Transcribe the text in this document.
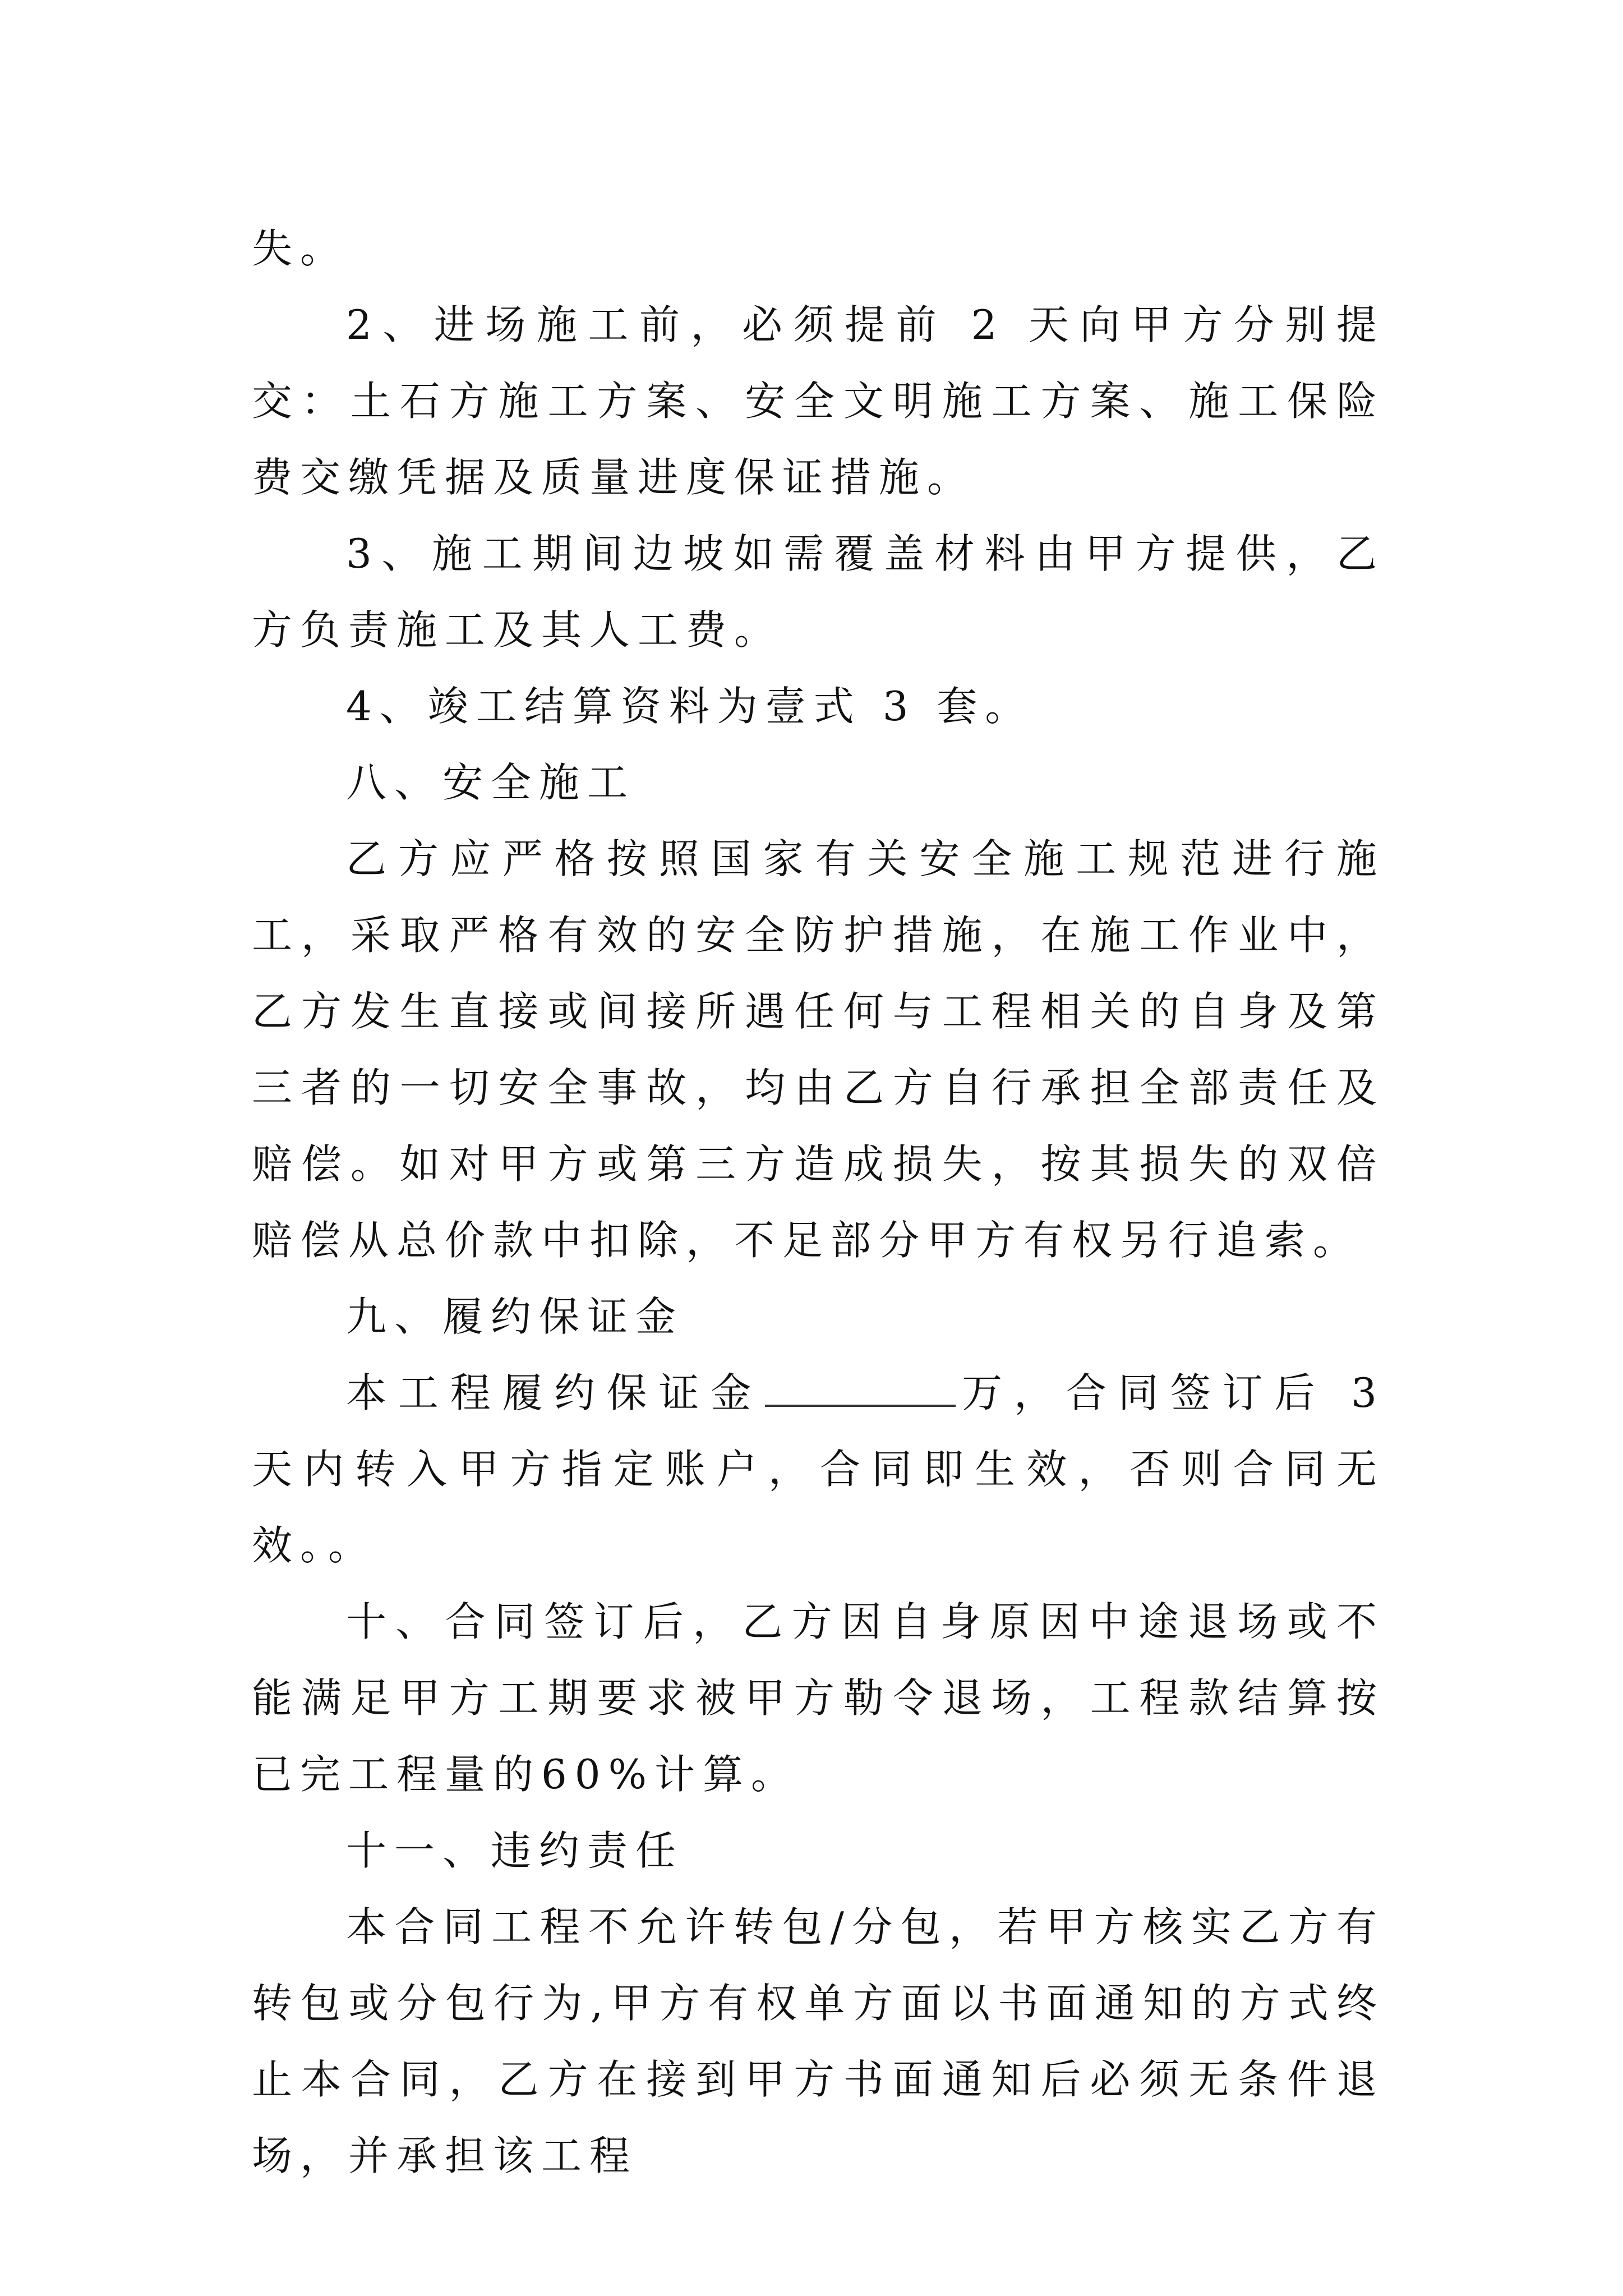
失。

2、进场施工前，必须提前 2 天向甲方分别提交：土石方施工方案、安全文明施工方案、施工保险费交缴凭据及质量进度保证措施。

3、施工期间边坡如需覆盖材料由甲方提供，乙方负责施工及其人工费。

4、竣工结算资料为壹式 3 套。

八、安全施工

乙方应严格按照国家有关安全施工规范进行施工，采取严格有效的安全防护措施，在施工作业中，乙方发生直接或间接所遇任何与工程相关的自身及第三者的一切安全事故，均由乙方自行承担全部责任及赔偿。如对甲方或第三方造成损失，按其损失的双倍赔偿从总价款中扣除，不足部分甲方有权另行追索。

九、履约保证金

本工程履约保证金	万，合同签订后 3 天内转入甲方指定账户，合同即生效，否则合同无效。。

十、合同签订后，乙方因自身原因中途退场或不能满足甲方工期要求被甲方勒令退场，工程款结算按已完工程量的60%计算。

十一、违约责任

本合同工程不允许转包/分包，若甲方核实乙方有转包或分包行为,甲方有权单方面以书面通知的方式终止本合同，乙方在接到甲方书面通知后必须无条件退场，并承担该工程
